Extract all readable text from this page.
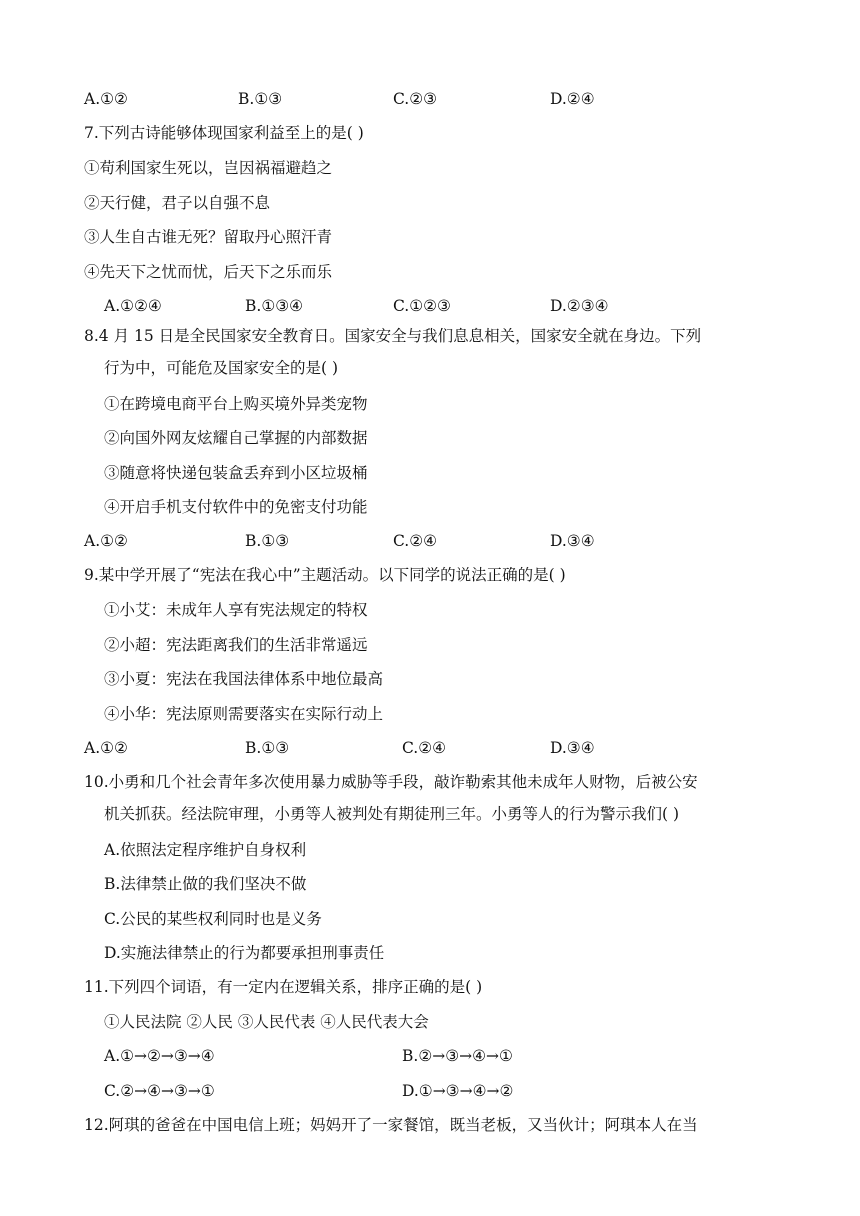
A.①②	B.①③	C.②③	D.②④
7.下列古诗能够体现国家利益至上的是( )
①苟利国家生死以，岂因祸福避趋之
②天行健，君子以自强不息
③人生自古谁无死？留取丹心照汗青
④先天下之忧而忧，后天下之乐而乐
A.①②④	B.①③④	C.①②③	D.②③④
8.4 月 15 日是全民国家安全教育日。国家安全与我们息息相关，国家安全就在身边。下列
行为中，可能危及国家安全的是( )
①在跨境电商平台上购买境外异类宠物
②向国外网友炫耀自己掌握的内部数据
③随意将快递包装盒丢弃到小区垃圾桶
④开启手机支付软件中的免密支付功能
A.①②	B.①③	C.②④	D.③④
9.某中学开展了“宪法在我心中”主题活动。以下同学的说法正确的是( )
①小艾：未成年人享有宪法规定的特权
②小超：宪法距离我们的生活非常遥远
③小夏：宪法在我国法律体系中地位最高
④小华：宪法原则需要落实在实际行动上
A.①②	B.①③	C.②④	D.③④
10.小勇和几个社会青年多次使用暴力威胁等手段，敲诈勒索其他未成年人财物，后被公安
机关抓获。经法院审理，小勇等人被判处有期徒刑三年。小勇等人的行为警示我们( )
A.依照法定程序维护自身权利
B.法律禁止做的我们坚决不做
C.公民的某些权利同时也是义务
D.实施法律禁止的行为都要承担刑事责任
11.下列四个词语，有一定内在逻辑关系，排序正确的是( )
①人民法院 ②人民 ③人民代表 ④人民代表大会
A.①→②→③→④	B.②→③→④→①
C.②→④→③→①	D.①→③→④→②
12.阿琪的爸爸在中国电信上班；妈妈开了一家餐馆，既当老板，又当伙计；阿琪本人在当
